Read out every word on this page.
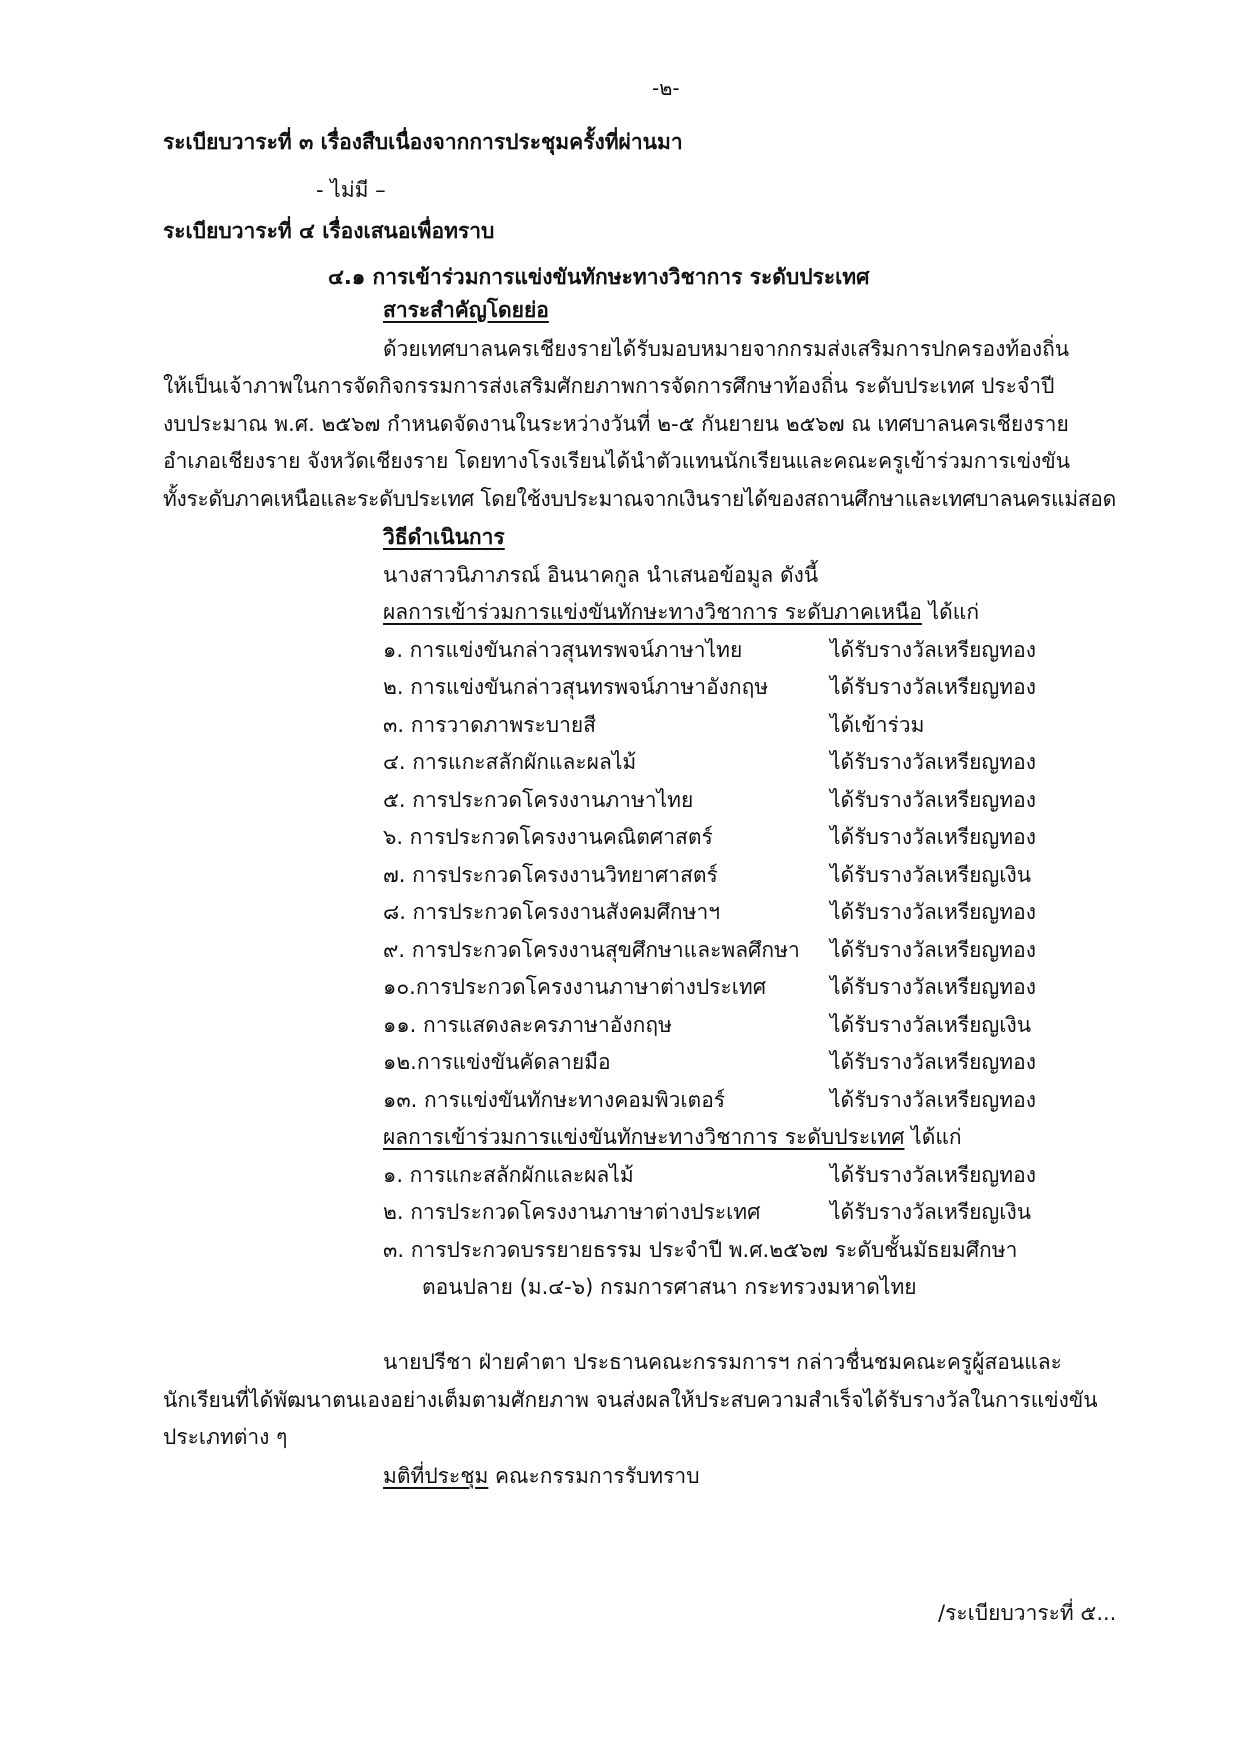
-๒-
ระเบียบวาระที่ ๓ เรื่องสืบเนื่องจากการประชุมครั้งที่ผ่านมา
- ไม่มี –
ระเบียบวาระที่ ๔ เรื่องเสนอเพื่อทราบ
๔.๑ การเข้าร่วมการแข่งขันทักษะทางวิชาการ ระดับประเทศ
สาระสำคัญโดยย่อ
ด้วยเทศบาลนครเชียงรายได้รับมอบหมายจากกรมส่งเสริมการปกครองท้องถิ่น
ให้เป็นเจ้าภาพในการจัดกิจกรรมการส่งเสริมศักยภาพการจัดการศึกษาท้องถิ่น ระดับประเทศ ประจำปี
งบประมาณ พ.ศ. ๒๕๖๗ กำหนดจัดงานในระหว่างวันที่ ๒-๕ กันยายน ๒๕๖๗ ณ เทศบาลนครเชียงราย
อำเภอเชียงราย จังหวัดเชียงราย โดยทางโรงเรียนได้นำตัวแทนนักเรียนและคณะครูเข้าร่วมการเข่งขัน
ทั้งระดับภาคเหนือและระดับประเทศ โดยใช้งบประมาณจากเงินรายได้ของสถานศึกษาและเทศบาลนครแม่สอด
วิธีดำเนินการ
นางสาวนิภาภรณ์ อินนาคกูล นำเสนอข้อมูล ดังนี้
ผลการเข้าร่วมการแข่งขันทักษะทางวิชาการ ระดับภาคเหนือ ได้แก่
๑. การแข่งขันกล่าวสุนทรพจน์ภาษาไทย	ได้รับรางวัลเหรียญทอง
๒. การแข่งขันกล่าวสุนทรพจน์ภาษาอังกฤษ	ได้รับรางวัลเหรียญทอง
๓. การวาดภาพระบายสี	ได้เข้าร่วม
๔. การแกะสลักผักและผลไม้	ได้รับรางวัลเหรียญทอง
๕. การประกวดโครงงานภาษาไทย	ได้รับรางวัลเหรียญทอง
๖. การประกวดโครงงานคณิตศาสตร์	ได้รับรางวัลเหรียญทอง
๗. การประกวดโครงงานวิทยาศาสตร์	ได้รับรางวัลเหรียญเงิน
๘. การประกวดโครงงานสังคมศึกษาฯ	ได้รับรางวัลเหรียญทอง
๙. การประกวดโครงงานสุขศึกษาและพลศึกษา ได้รับรางวัลเหรียญทอง
๑๐.การประกวดโครงงานภาษาต่างประเทศ	ได้รับรางวัลเหรียญทอง
๑๑. การแสดงละครภาษาอังกฤษ	ได้รับรางวัลเหรียญเงิน
๑๒.การแข่งขันคัดลายมือ	ได้รับรางวัลเหรียญทอง
๑๓. การแข่งขันทักษะทางคอมพิวเตอร์	ได้รับรางวัลเหรียญทอง
ผลการเข้าร่วมการแข่งขันทักษะทางวิชาการ ระดับประเทศ ได้แก่
๑. การแกะสลักผักและผลไม้	ได้รับรางวัลเหรียญทอง
๒. การประกวดโครงงานภาษาต่างประเทศ	ได้รับรางวัลเหรียญเงิน
๓. การประกวดบรรยายธรรม ประจำปี พ.ศ.๒๕๖๗ ระดับชั้นมัธยมศึกษา
ตอนปลาย (ม.๔-๖) กรมการศาสนา กระทรวงมหาดไทย
นายปรีชา ฝ่ายคำตา ประธานคณะกรรมการฯ กล่าวชื่นชมคณะครูผู้สอนและ
นักเรียนที่ได้พัฒนาตนเองอย่างเต็มตามศักยภาพ จนส่งผลให้ประสบความสำเร็จได้รับรางวัลในการแข่งขัน
ประเภทต่าง ๆ
มติที่ประชุม คณะกรรมการรับทราบ
/ระเบียบวาระที่ ๕...
